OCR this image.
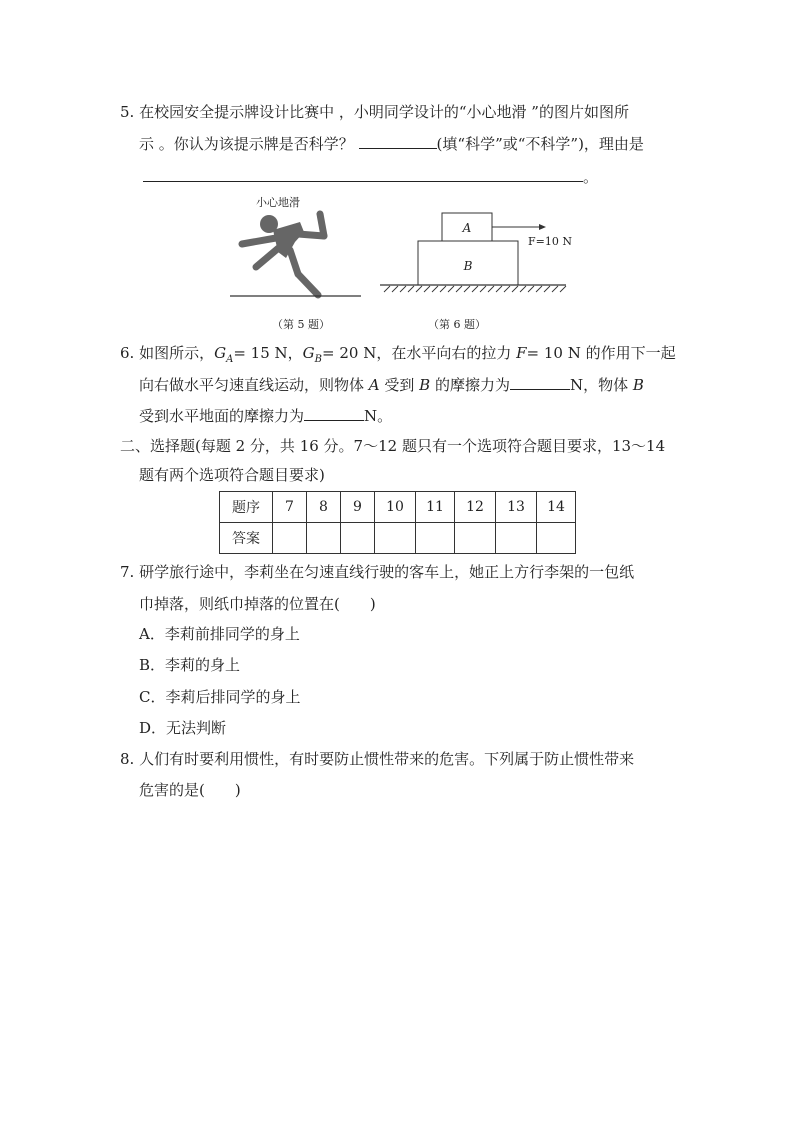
5. 在校园安全提示牌设计比赛中 ，小明同学设计的“小心地滑 ”的图片如图所
示 。你认为该提示牌是否科学？	(填“科学”或“不科学”)，理由是
。
小心地滑
（第 5 题）
A
B
F=10 N
（第 6 题）
6. 如图所示，$G_A= 15$ N，$G_B= 20$ N，在水平向右的拉力 F= 10 N 的作用下一起
向右做水平匀速直线运动，则物体 A 受到 B 的摩擦力为	N，物体 B
受到水平地面的摩擦力为	N。
二、选择题(每题 2 分，共 16 分。7～12 题只有一个选项符合题目要求，13～14
题有两个选项符合题目要求)
题序	7	8	9	10	11	12	13	14
答案								
7. 研学旅行途中，李莉坐在匀速直线行驶的客车上，她正上方行李架的一包纸
巾掉落，则纸巾掉落的位置在(　　)
A．李莉前排同学的身上
B．李莉的身上
C．李莉后排同学的身上
D．无法判断
8. 人们有时要利用惯性，有时要防止惯性带来的危害。下列属于防止惯性带来
危害的是(　　)
